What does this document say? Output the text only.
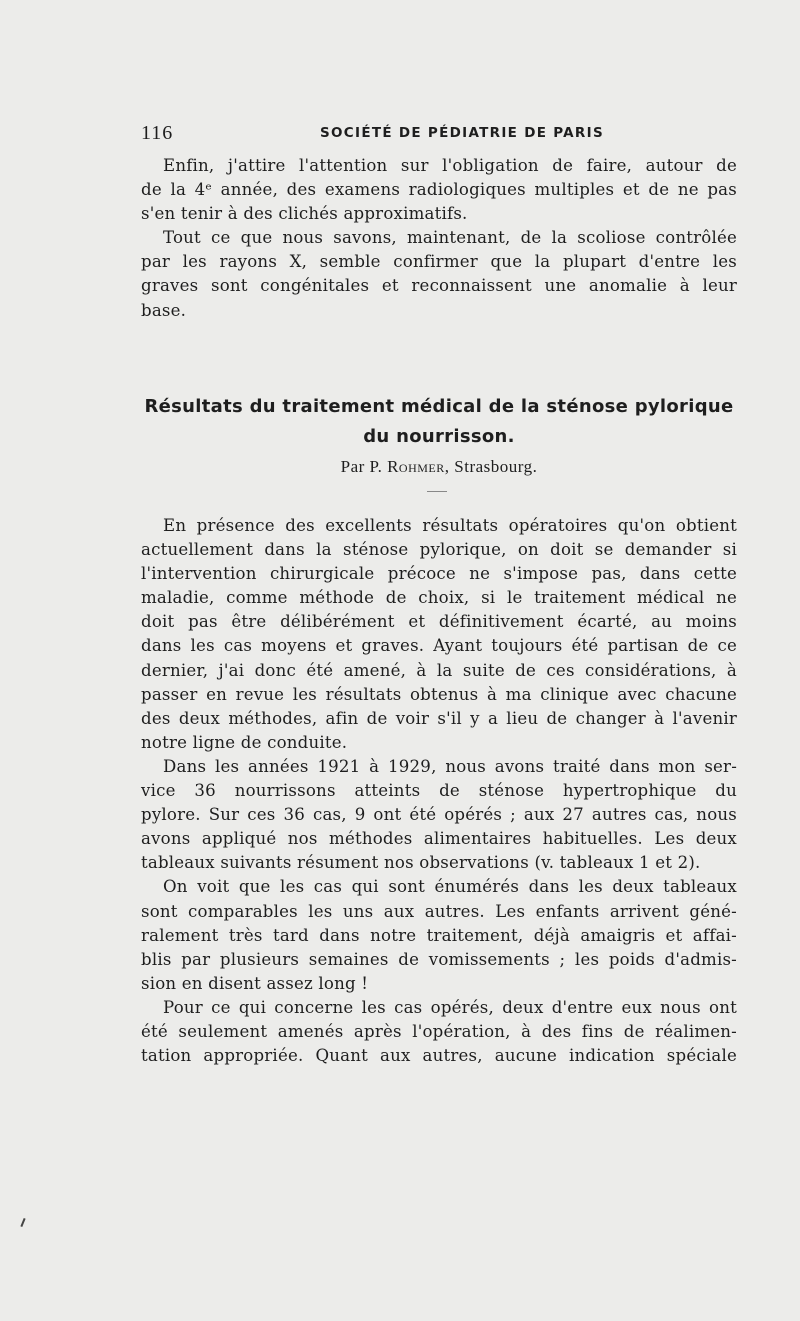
116	SOCIÉTÉ DE PÉDIATRIE DE PARIS

Enfin, j'attire l'attention sur l'obligation de faire, autour de
de la 4ᵉ année, des examens radiologiques multiples et de ne pas
s'en tenir à des clichés approximatifs.

Tout ce que nous savons, maintenant, de la scoliose contrôlée
par les rayons X, semble confirmer que la plupart d'entre les
graves sont congénitales et reconnaissent une anomalie à leur
base.

Résultats du traitement médical de la sténose pylorique
du nourrisson.
Par P. Rohmer, Strasbourg.

En présence des excellents résultats opératoires qu'on obtient
actuellement dans la sténose pylorique, on doit se demander si
l'intervention chirurgicale précoce ne s'impose pas, dans cette
maladie, comme méthode de choix, si le traitement médical ne
doit pas être délibérément et définitivement écarté, au moins
dans les cas moyens et graves. Ayant toujours été partisan de ce
dernier, j'ai donc été amené, à la suite de ces considérations, à
passer en revue les résultats obtenus à ma clinique avec chacune
des deux méthodes, afin de voir s'il y a lieu de changer à l'avenir
notre ligne de conduite.

Dans les années 1921 à 1929, nous avons traité dans mon ser-
vice 36 nourrissons atteints de sténose hypertrophique du
pylore. Sur ces 36 cas, 9 ont été opérés ; aux 27 autres cas, nous
avons appliqué nos méthodes alimentaires habituelles. Les deux
tableaux suivants résument nos observations (v. tableaux 1 et 2).

On voit que les cas qui sont énumérés dans les deux tableaux
sont comparables les uns aux autres. Les enfants arrivent géné-
ralement très tard dans notre traitement, déjà amaigris et affai-
blis par plusieurs semaines de vomissements ; les poids d'admis-
sion en disent assez long !

Pour ce qui concerne les cas opérés, deux d'entre eux nous ont
été seulement amenés après l'opération, à des fins de réalimen-
tation appropriée. Quant aux autres, aucune indication spéciale
